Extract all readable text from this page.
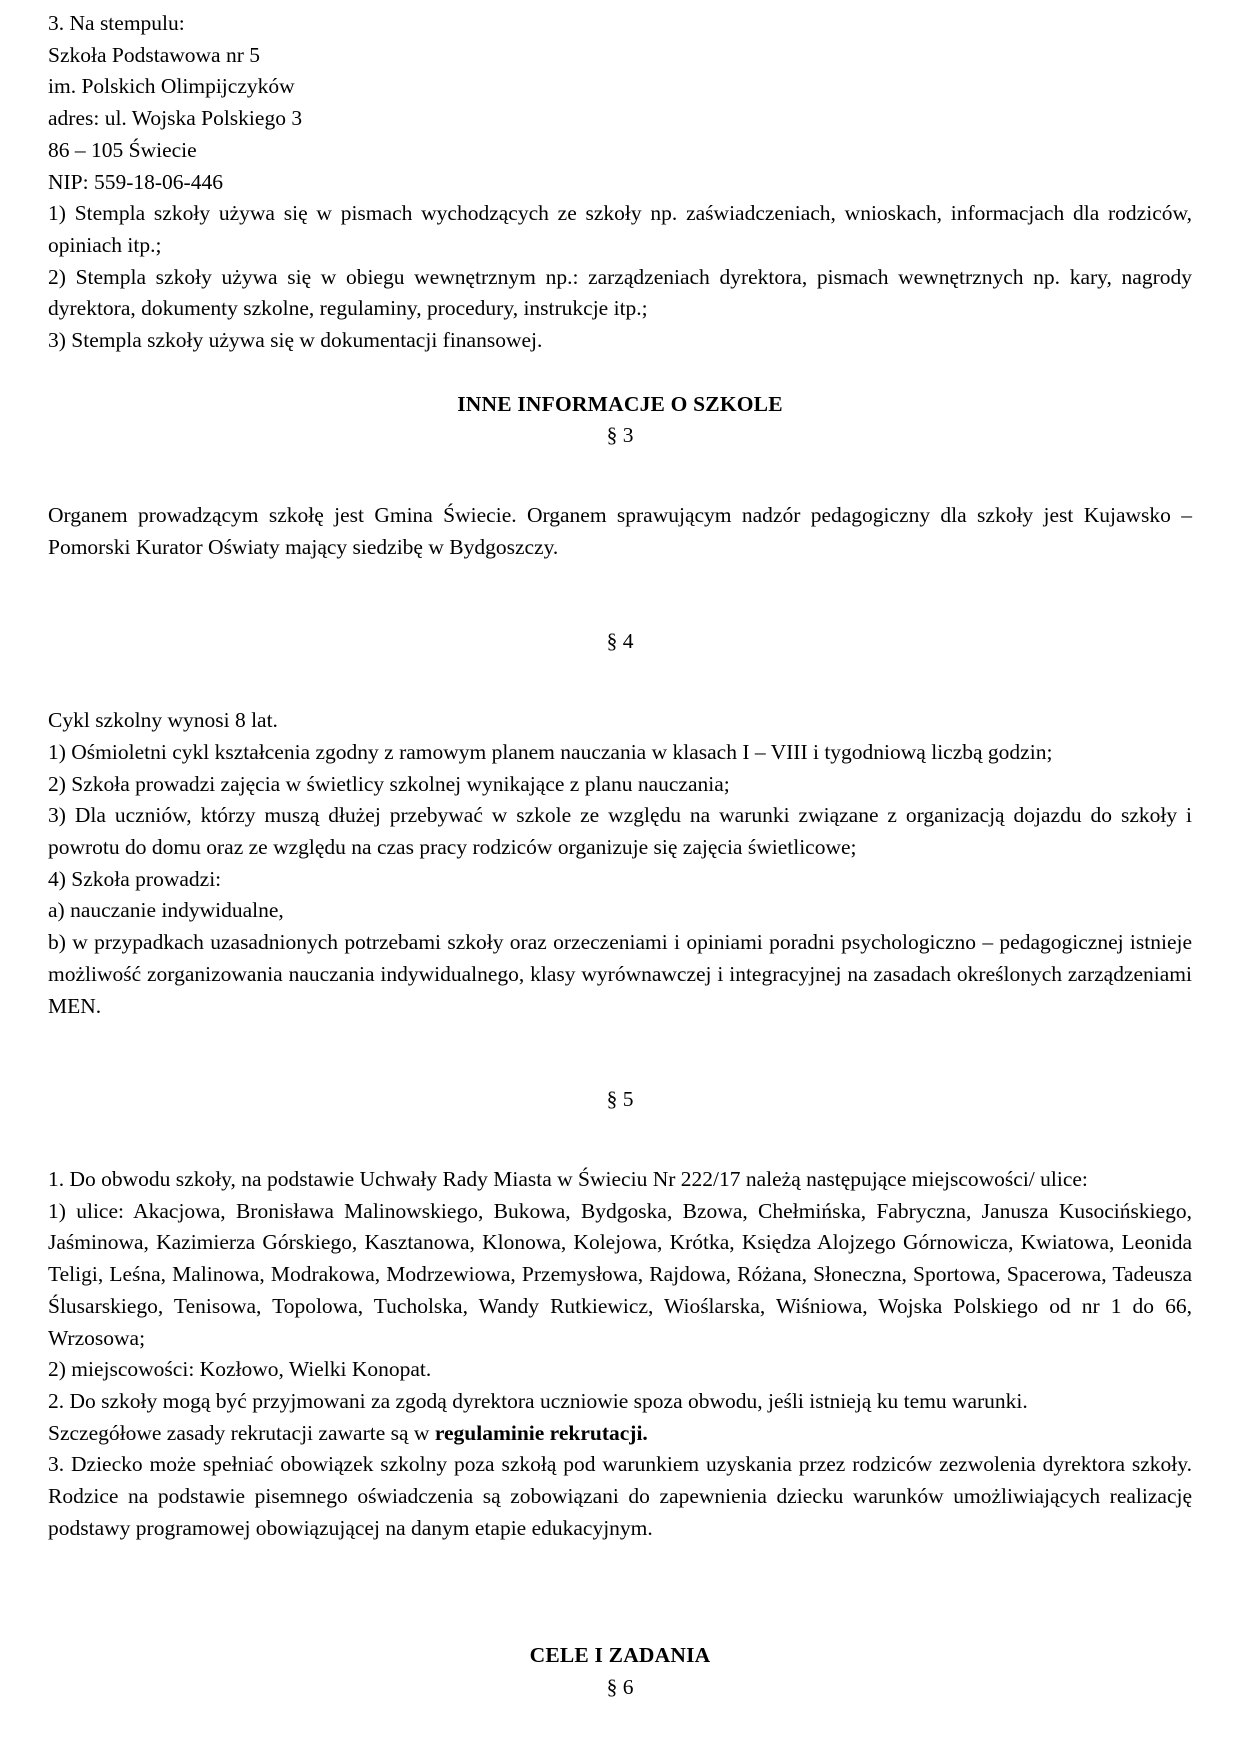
3. Na stempulu:

Szkoła Podstawowa nr 5

im. Polskich Olimpijczyków

adres: ul. Wojska Polskiego 3

86 – 105 Świecie

NIP: 559-18-06-446

1) Stempla szkoły używa się w pismach wychodzących ze szkoły np. zaświadczeniach, wnioskach, informacjach dla rodziców, opiniach itp.;

2) Stempla szkoły używa się w obiegu wewnętrznym np.: zarządzeniach dyrektora, pismach wewnętrznych np. kary, nagrody dyrektora, dokumenty szkolne, regulaminy, procedury, instrukcje itp.;

3) Stempla szkoły używa się w dokumentacji finansowej.

INNE INFORMACJE O SZKOLE

§ 3

Organem prowadzącym szkołę jest Gmina Świecie. Organem sprawującym nadzór pedagogiczny dla szkoły jest Kujawsko – Pomorski Kurator Oświaty mający siedzibę w Bydgoszczy.

§ 4

Cykl szkolny wynosi 8 lat.

1) Ośmioletni cykl kształcenia zgodny z ramowym planem nauczania w klasach I – VIII i tygodniową liczbą godzin;

2) Szkoła prowadzi zajęcia w świetlicy szkolnej wynikające z planu nauczania;

3) Dla uczniów, którzy muszą dłużej przebywać w szkole ze względu na warunki związane z organizacją dojazdu do szkoły i powrotu do domu oraz ze względu na czas pracy rodziców organizuje się zajęcia świetlicowe;

4) Szkoła prowadzi:

a) nauczanie indywidualne,

b) w przypadkach uzasadnionych potrzebami szkoły oraz orzeczeniami i opiniami poradni psychologiczno – pedagogicznej istnieje możliwość zorganizowania nauczania indywidualnego, klasy wyrównawczej i integracyjnej na zasadach określonych zarządzeniami MEN.

§ 5

1. Do obwodu szkoły, na podstawie Uchwały Rady Miasta w Świeciu Nr 222/17 należą następujące miejscowości/ ulice:

1) ulice: Akacjowa, Bronisława Malinowskiego, Bukowa, Bydgoska, Bzowa, Chełmińska, Fabryczna, Janusza Kusocińskiego, Jaśminowa, Kazimierza Górskiego, Kasztanowa, Klonowa, Kolejowa, Krótka, Księdza Alojzego Górnowicza, Kwiatowa, Leonida Teligi, Leśna, Malinowa, Modrakowa, Modrzewiowa, Przemysłowa, Rajdowa, Różana, Słoneczna, Sportowa, Spacerowa, Tadeusza Ślusarskiego, Tenisowa, Topolowa, Tucholska, Wandy Rutkiewicz, Wioślarska, Wiśniowa, Wojska Polskiego od nr 1 do 66, Wrzosowa;

2) miejscowości: Kozłowo, Wielki Konopat.

2. Do szkoły mogą być przyjmowani za zgodą dyrektora uczniowie spoza obwodu, jeśli istnieją ku temu warunki.

Szczegółowe zasady rekrutacji zawarte są w regulaminie rekrutacji.

3. Dziecko może spełniać obowiązek szkolny poza szkołą pod warunkiem uzyskania przez rodziców zezwolenia dyrektora szkoły. Rodzice na podstawie pisemnego oświadczenia są zobowiązani do zapewnienia dziecku warunków umożliwiających realizację podstawy programowej obowiązującej na danym etapie edukacyjnym.

CELE I ZADANIA

§ 6
